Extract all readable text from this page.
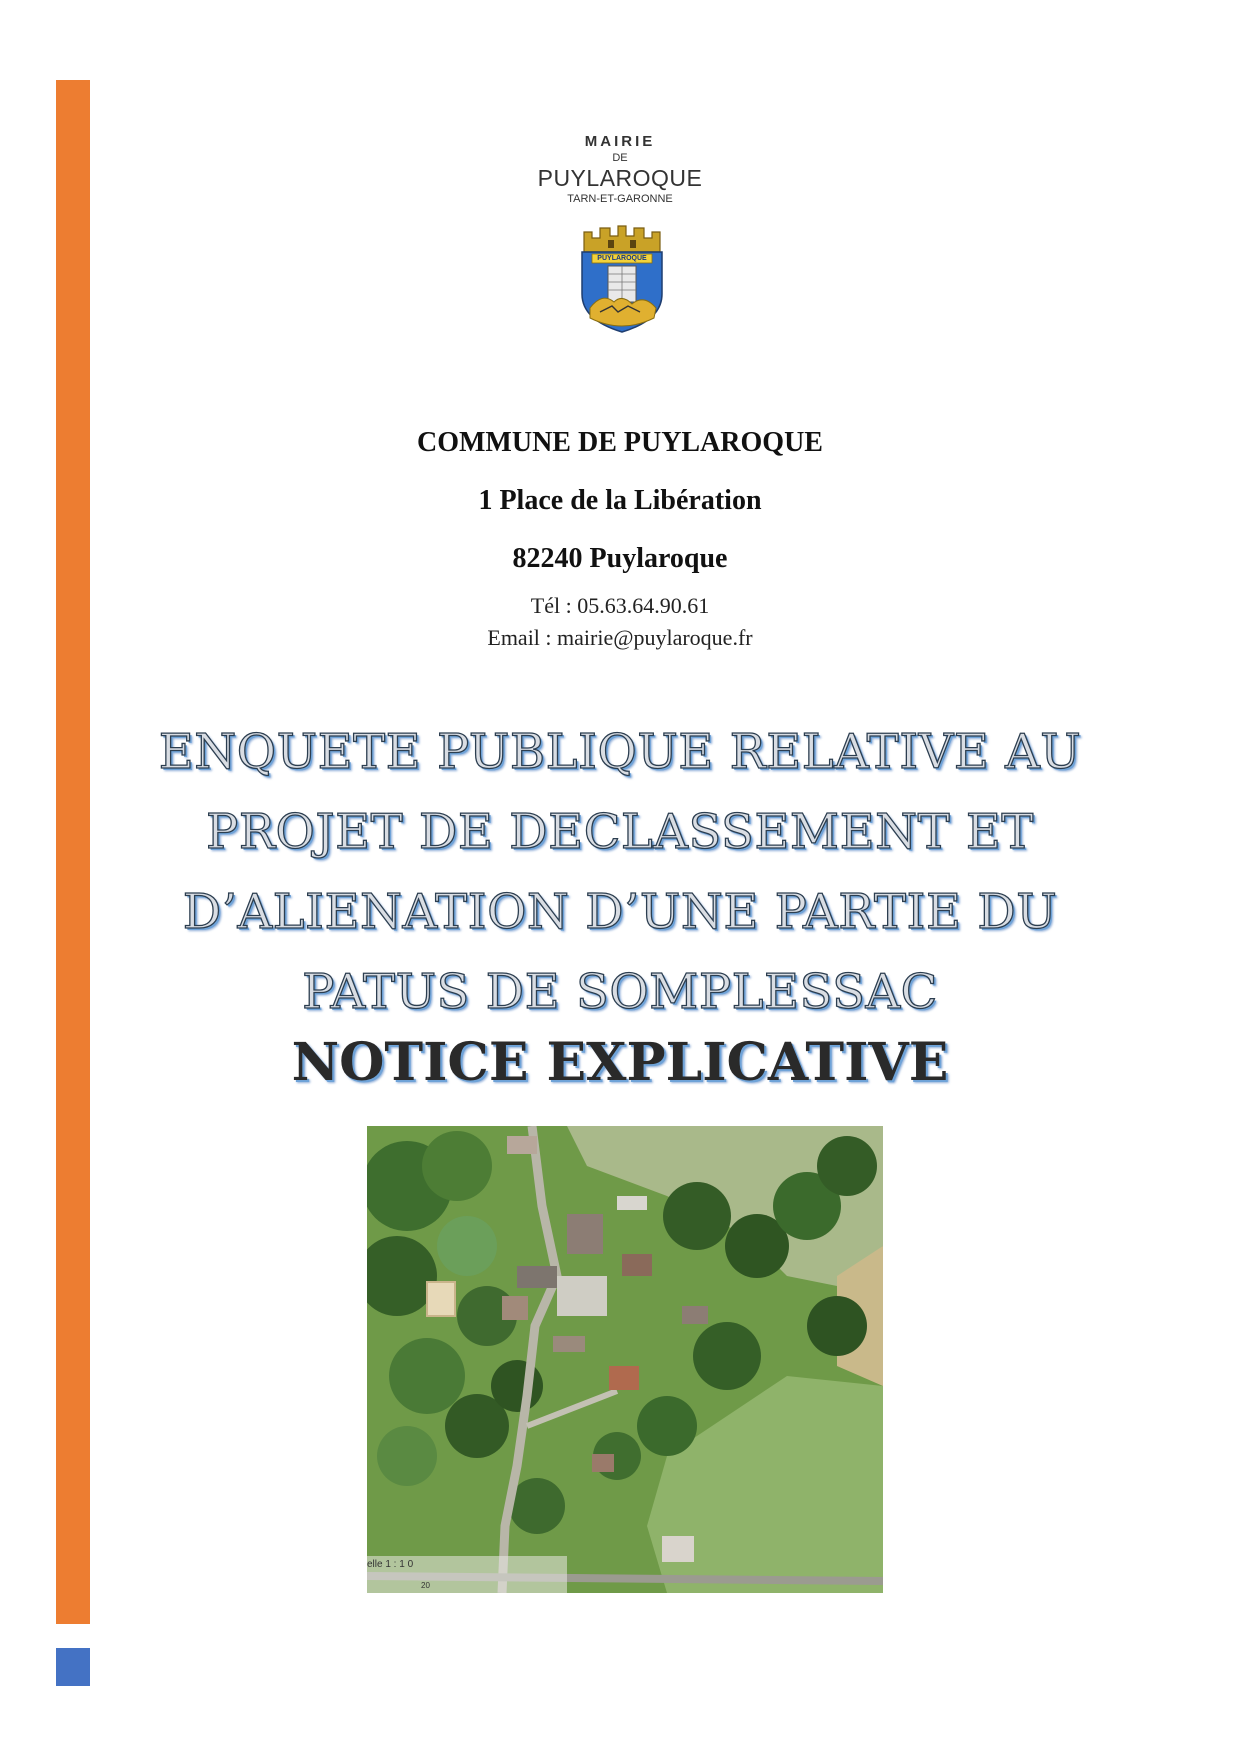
MAIRIE
DE
PUYLAROQUE
TARN-ET-GARONNE
PUYLAROQUE
COMMUNE DE PUYLAROQUE
1 Place de la Libération
82240 Puylaroque
Tél : 05.63.64.90.61
Email : mairie@puylaroque.fr
ENQUETE PUBLIQUE RELATIVE AU
PROJET DE DECLASSEMENT ET
D’ALIENATION D’UNE PARTIE DU
PATUS DE SOMPLESSAC
NOTICE EXPLICATIVE
elle 1 : 1 0
20
